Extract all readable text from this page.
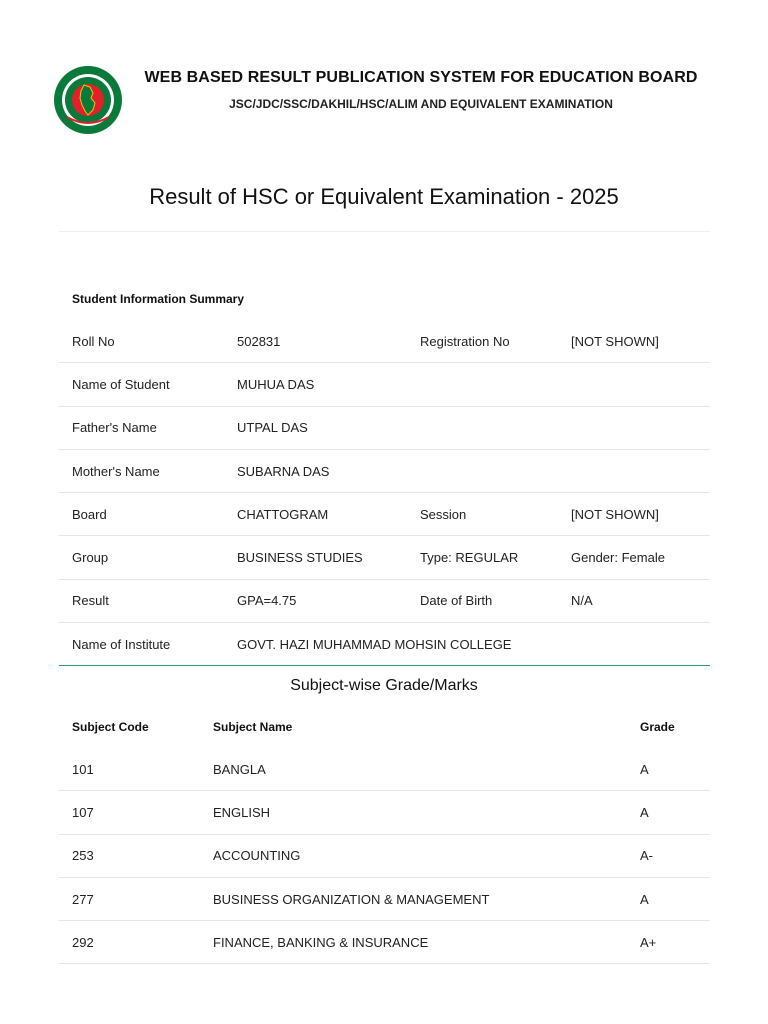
WEB BASED RESULT PUBLICATION SYSTEM FOR EDUCATION BOARD
JSC/JDC/SSC/DAKHIL/HSC/ALIM AND EQUIVALENT EXAMINATION
Result of HSC or Equivalent Examination - 2025
Student Information Summary
Roll No	502831	Registration No	[NOT SHOWN]
Name of Student	MUHUA DAS		
Father's Name	UTPAL DAS		
Mother's Name	SUBARNA DAS		
Board	CHATTOGRAM	Session	[NOT SHOWN]
Group	BUSINESS STUDIES	Type: REGULAR	Gender: Female
Result	GPA=4.75	Date of Birth	N/A
Name of Institute	GOVT. HAZI MUHAMMAD MOHSIN COLLEGE		
Subject-wise Grade/Marks
Subject Code	Subject Name	Grade
101	BANGLA	A
107	ENGLISH	A
253	ACCOUNTING	A-
277	BUSINESS ORGANIZATION & MANAGEMENT	A
292	FINANCE, BANKING & INSURANCE	A+
